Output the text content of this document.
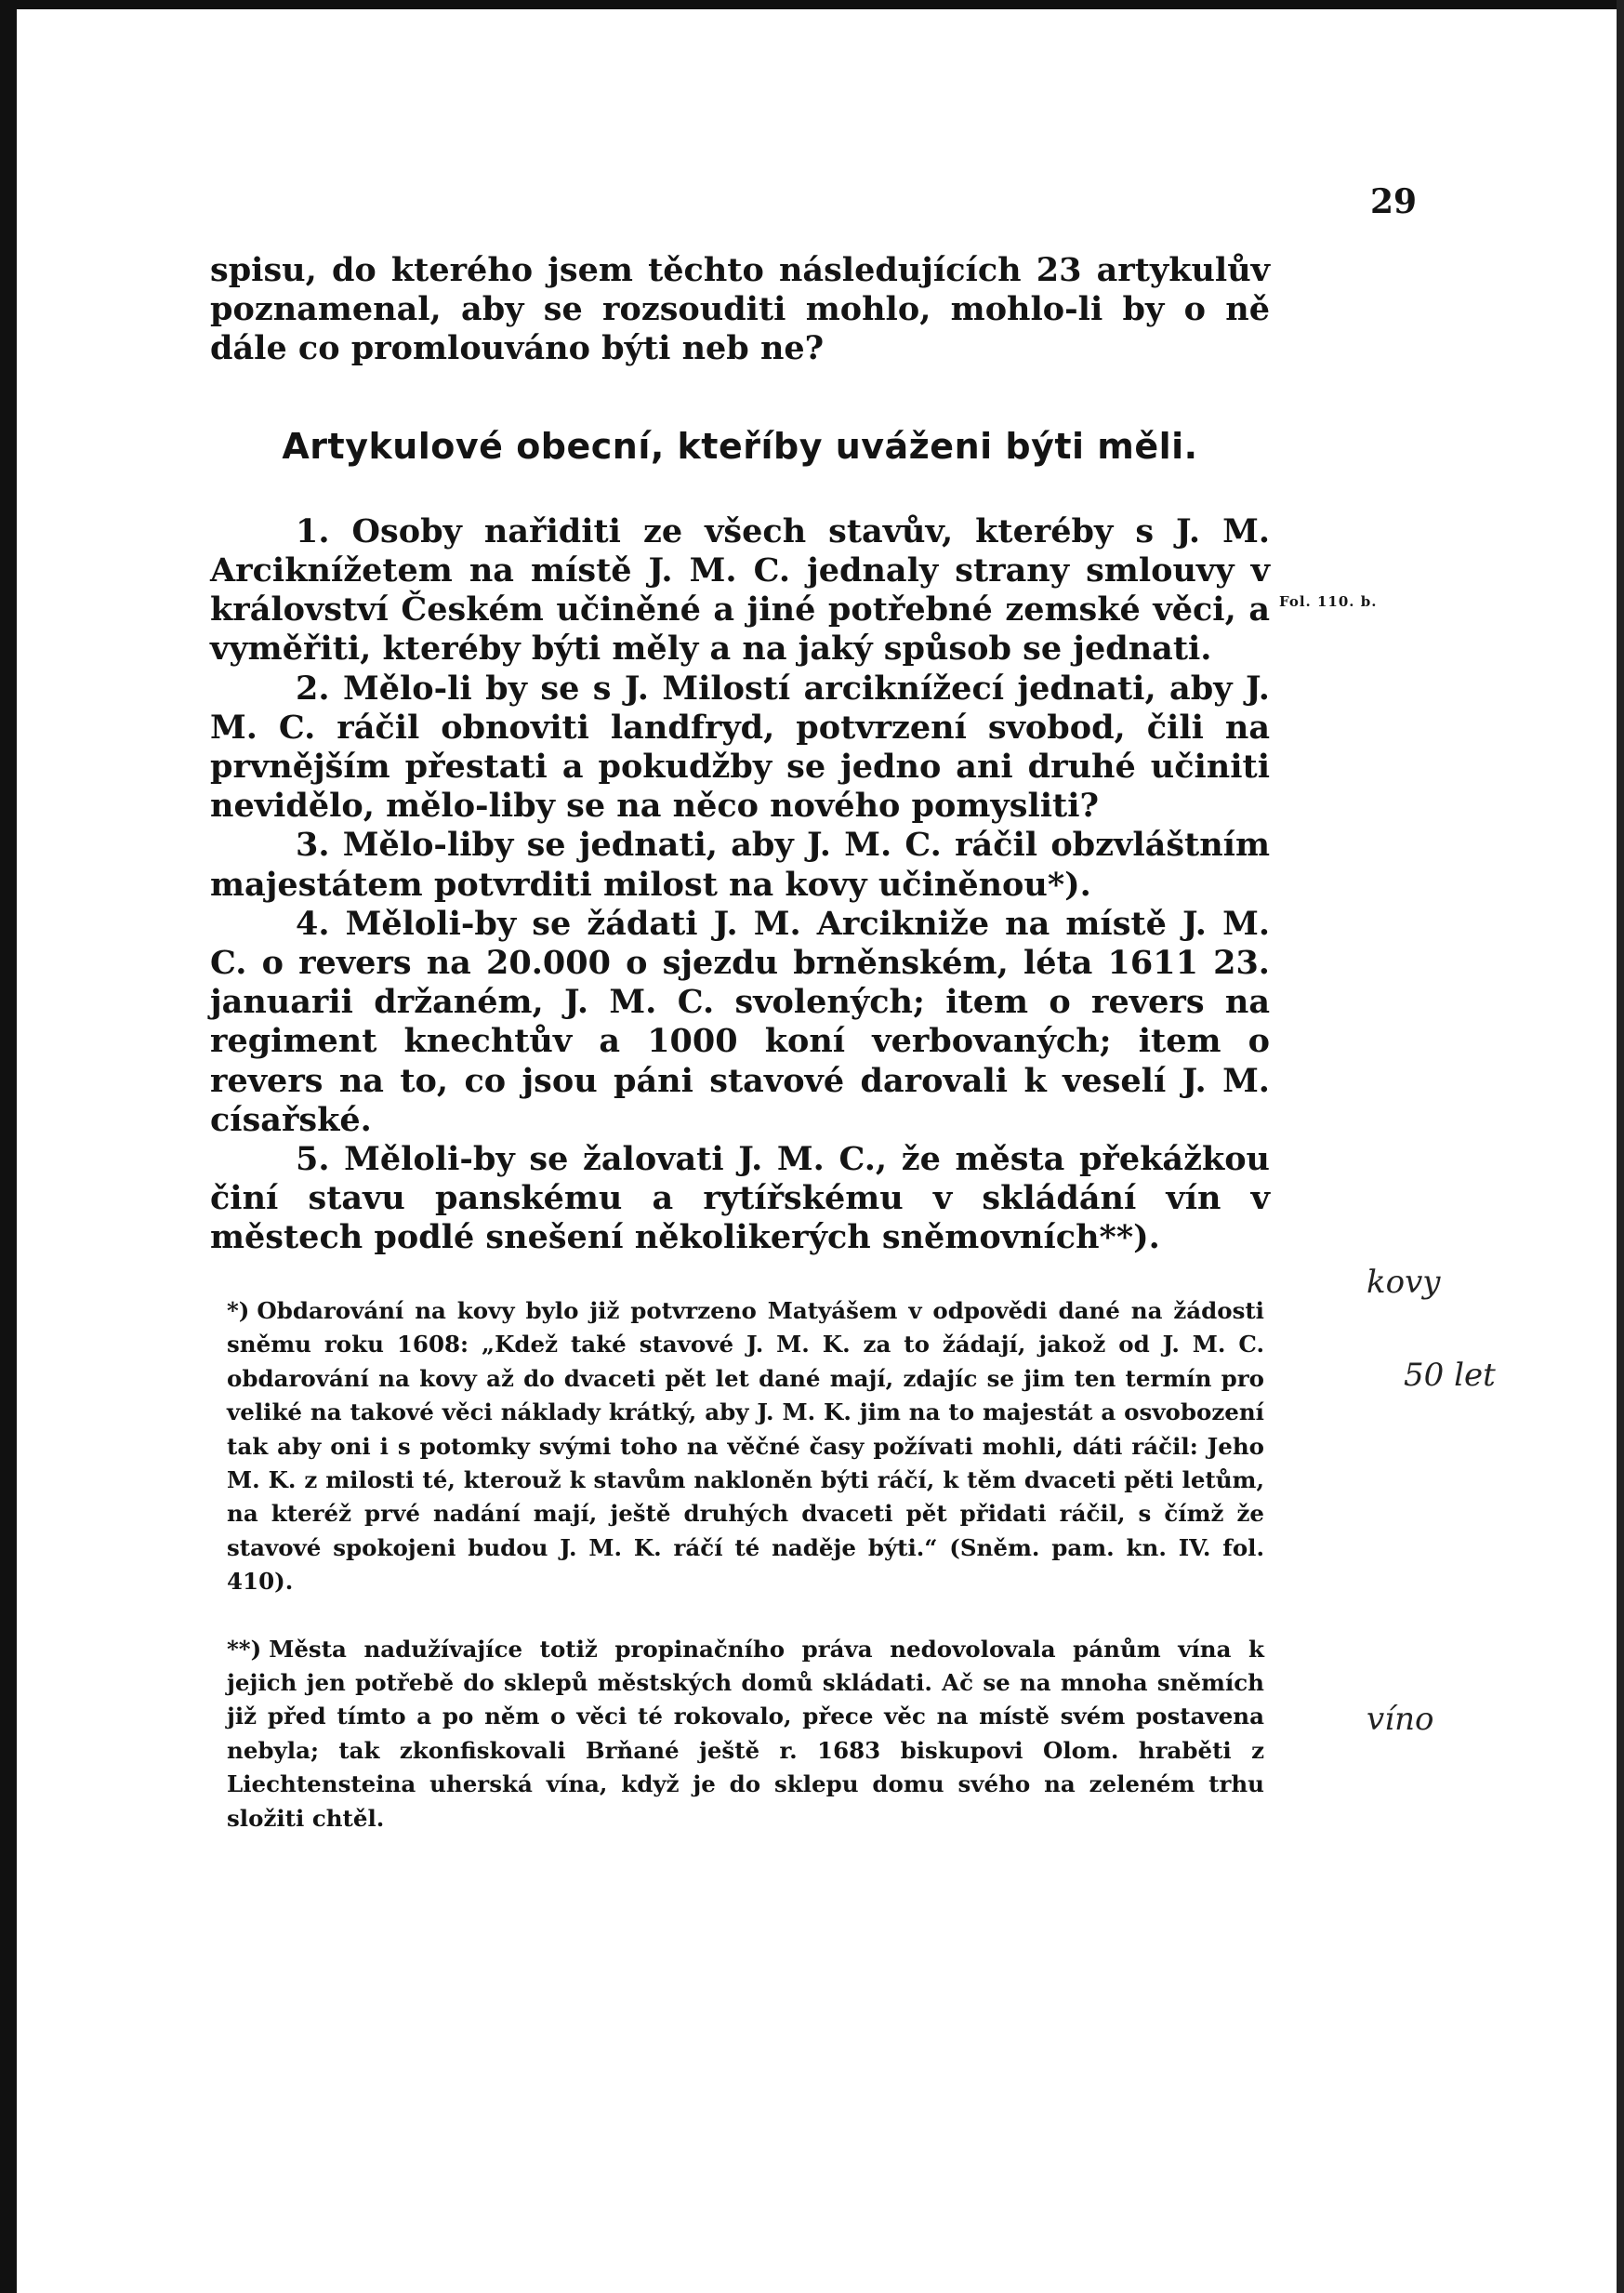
29

spisu, do kterého jsem těchto následujících 23 artykulův poznamenal, aby se rozsouditi mohlo, mohlo-li by o ně dále co promlouváno býti neb ne?

Artykulové obecní, kteříby uváženi býti měli.

1. Osoby nařiditi ze všech stavův, kteréby s J. M. Arciknížetem na místě J. M. C. jednaly strany smlouvy v království Českém učiněné a jiné potřebné zemské věci, a vyměřiti, kteréby býti měly a na jaký spůsob se jednati.

2. Mělo-li by se s J. Milostí arciknížecí jednati, aby J. M. C. ráčil obnoviti landfryd, potvrzení svobod, čili na prvnějším přestati a pokudžby se jedno ani druhé učiniti nevidělo, mělo-liby se na něco nového pomysliti?

3. Mělo-liby se jednati, aby J. M. C. ráčil obzvláštním majestátem potvrditi milost na kovy učiněnou*).

4. Měloli-by se žádati J. M. Arcikniže na místě J. M. C. o revers na 20.000 o sjezdu brněnském, léta 1611 23. januarii držaném, J. M. C. svolených; item o revers na regiment knechtův a 1000 koní verbovaných; item o revers na to, co jsou páni stavové darovali k veselí J. M. císařské.

5. Měloli-by se žalovati J. M. C., že města překážkou činí stavu panskému a rytířskému v skládání vín v městech podlé snešení několikerých sněmovních**).

Fol. 110. b.

*) Obdarování na kovy bylo již potvrzeno Matyášem v odpovědi dané na žádosti sněmu roku 1608: „Kdež také stavové J. M. K. za to žádají, jakož od J. M. C. obdarování na kovy až do dvaceti pět let dané mají, zdajíc se jim ten termín pro veliké na takové věci náklady krátký, aby J. M. K. jim na to majestát a osvobození tak aby oni i s potomky svými toho na věčné časy požívati mohli, dáti ráčil: Jeho M. K. z milosti té, kterouž k stavům nakloněn býti ráčí, k těm dvaceti pěti letům, na kteréž prvé nadání mají, ještě druhých dvaceti pět přidati ráčil, s čímž že stavové spokojeni budou J. M. K. ráčí té naděje býti.“ (Sněm. pam. kn. IV. fol. 410).

**) Města nadužívajíce totiž propinačního práva nedovolovala pánům vína k jejich jen potřebě do sklepů městských domů skládati. Ač se na mnoha sněmích již před tímto a po něm o věci té rokovalo, přece věc na místě svém postavena nebyla; tak zkonfiskovali Brňané ještě r. 1683 biskupovi Olom. hraběti z Liechtensteina uherská vína, když je do sklepu domu svého na zeleném trhu složiti chtěl.

kovy
50 let
víno
